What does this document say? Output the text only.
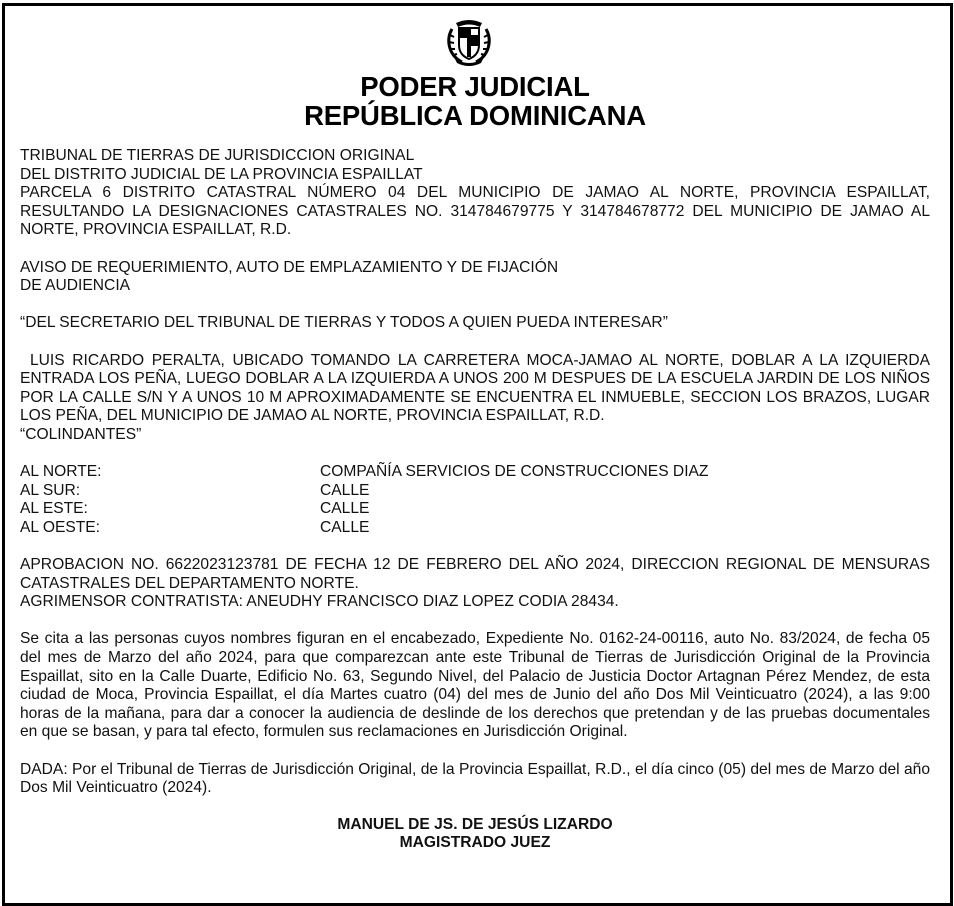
PODER JUDICIAL
REPÚBLICA DOMINICANA

TRIBUNAL DE TIERRAS DE JURISDICCION ORIGINAL

DEL DISTRITO JUDICIAL DE LA PROVINCIA ESPAILLAT

PARCELA 6 DISTRITO CATASTRAL NÚMERO 04 DEL MUNICIPIO DE JAMAO AL NORTE, PROVINCIA ESPAILLAT, RESULTANDO LA DESIGNACIONES CATASTRALES NO. 314784679775 Y 314784678772 DEL MUNICIPIO DE JAMAO AL NORTE, PROVINCIA ESPAILLAT, R.D.

AVISO DE REQUERIMIENTO, AUTO DE EMPLAZAMIENTO Y DE FIJACIÓN

DE AUDIENCIA

“DEL SECRETARIO DEL TRIBUNAL DE TIERRAS Y TODOS A QUIEN PUEDA INTERESAR”

LUIS RICARDO PERALTA, UBICADO TOMANDO LA CARRETERA MOCA-JAMAO AL NORTE, DOBLAR A LA IZQUIERDA ENTRADA LOS PEÑA, LUEGO DOBLAR A LA IZQUIERDA A UNOS 200 M DESPUES DE LA ESCUELA JARDIN DE LOS NIÑOS POR LA CALLE S/N Y A UNOS 10 M APROXIMADAMENTE SE ENCUENTRA EL INMUEBLE, SECCION LOS BRAZOS, LUGAR LOS PEÑA, DEL MUNICIPIO DE JAMAO AL NORTE, PROVINCIA ESPAILLAT, R.D.

“COLINDANTES”

AL NORTE:	COMPAÑÍA SERVICIOS DE CONSTRUCCIONES DIAZ
AL SUR:	CALLE
AL ESTE:	CALLE
AL OESTE:	CALLE

APROBACION NO. 6622023123781 DE FECHA 12 DE FEBRERO DEL AÑO 2024, DIRECCION REGIONAL DE MENSURAS CATASTRALES DEL DEPARTAMENTO NORTE.

AGRIMENSOR CONTRATISTA: ANEUDHY FRANCISCO DIAZ LOPEZ CODIA 28434.

Se cita a las personas cuyos nombres figuran en el encabezado, Expediente No. 0162-24-00116, auto No. 83/2024, de fecha 05 del mes de Marzo del año 2024, para que comparezcan ante este Tribunal de Tierras de Jurisdicción Original de la Provincia Espaillat, sito en la Calle Duarte, Edificio No. 63, Segundo Nivel, del Palacio de Justicia Doctor Artagnan Pérez Mendez, de esta ciudad de Moca, Provincia Espaillat, el día Martes cuatro (04) del mes de Junio del año Dos Mil Veinticuatro (2024), a las 9:00 horas de la mañana, para dar a conocer la audiencia de deslinde de los derechos que pretendan y de las pruebas documentales en que se basan, y para tal efecto, formulen sus reclamaciones en Jurisdicción Original.

DADA: Por el Tribunal de Tierras de Jurisdicción Original, de la Provincia Espaillat, R.D., el día cinco (05) del mes de Marzo del año Dos Mil Veinticuatro (2024).

MANUEL DE JS. DE JESÚS LIZARDO
MAGISTRADO JUEZ
